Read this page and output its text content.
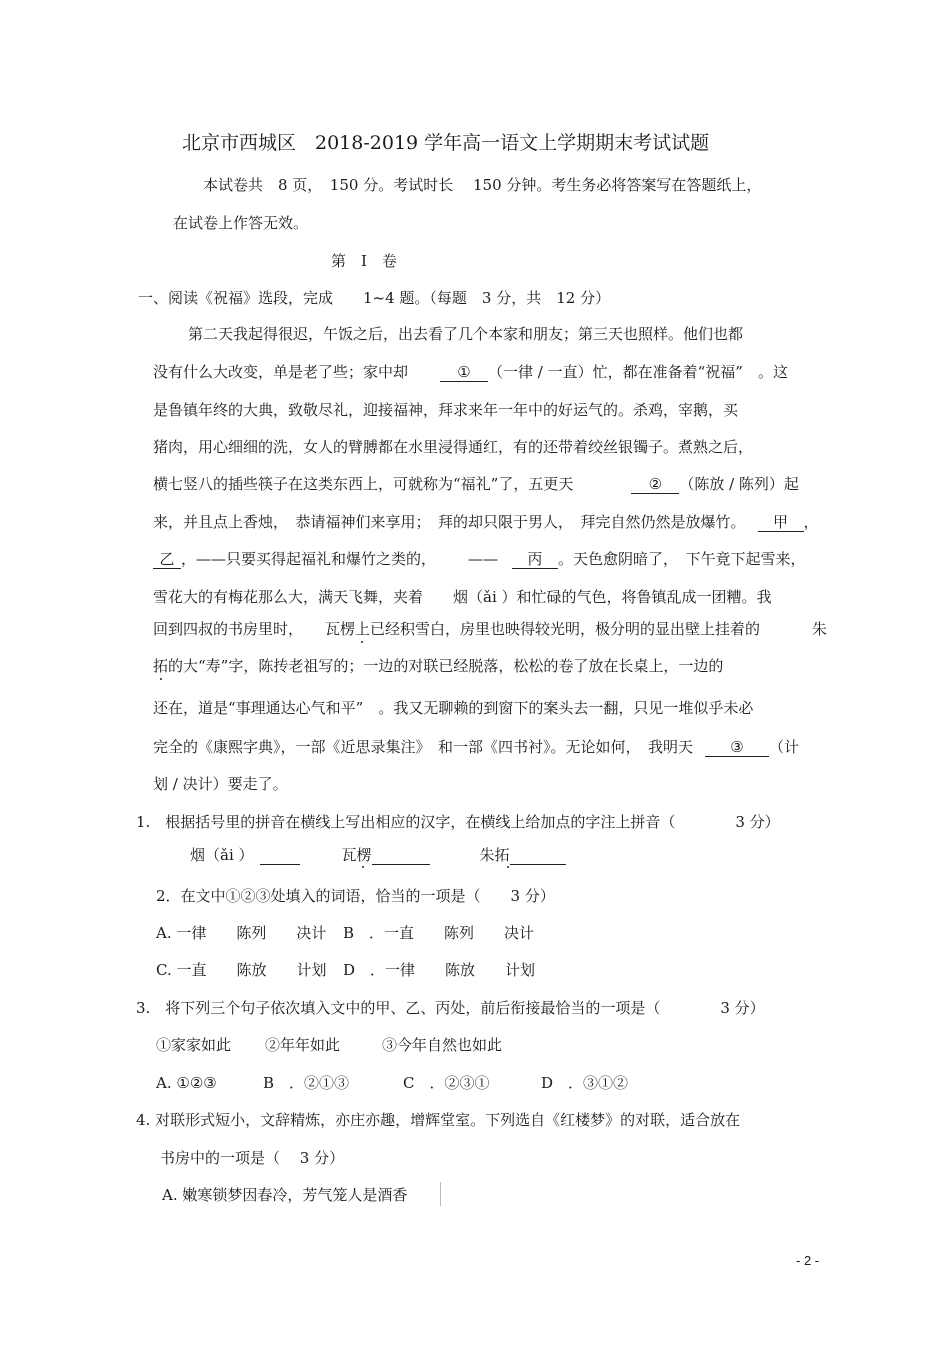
北京市西城区　2018-2019 学年高一语文上学期期末考试试题
本试卷共　8 页，　150 分。考试时长　 150 分钟。考生务必将答案写在答题纸上，
在试卷上作答无效。
第　Ⅰ　卷
一、阅读《祝福》选段，完成　　1~4 题。（每题　3 分，共　12 分）
第二天我起得很迟，午饭之后，出去看了几个本家和朋友；第三天也照样。他们也都
没有什么大改变，单是老了些；家中却	① （一律 / 一直）忙，都在准备着“祝福”　。这
是鲁镇年终的大典，致敬尽礼，迎接福神，拜求来年一年中的好运气的。杀鸡，宰鹅，买
猪肉，用心细细的洗，女人的臂膊都在水里浸得通红，有的还带着绞丝银镯子。煮熟之后，
横七竖八的插些筷子在这类东西上，可就称为“福礼”了，五更天	② （陈放 / 陈列）起
来，并且点上香烛，　恭请福神们来享用；　拜的却只限于男人，　拜完自然仍然是放爆竹。 甲 ，
乙 ，——只要买得起福礼和爆竹之类的， —— 丙 。天色愈阴暗了，　下午竟下起雪来，
雪花大的有梅花那么大，满天飞舞，夹着　　烟（ǎi ）和忙碌的气色，将鲁镇乱成一团糟。我
回到四叔的书房里时， 瓦楞上已经积雪白，房里也映得较光明，极分明的显出壁上挂着的	朱
拓的大“寿”字，陈抟老祖写的；一边的对联已经脱落，松松的卷了放在长桌上，一边的
还在，道是“事理通达心气和平”　。我又无聊赖的到窗下的案头去一翻，只见一堆似乎未必
完全的《康熙字典》，一部《近思录集注》　和一部《四书衬》。无论如何，　我明天 ③ （计
划 / 决计）要走了。
1.　根据括号里的拼音在横线上写出相应的汉字，在横线上给加点的字注上拼音（　　　　3 分）
烟（ǎi ）	瓦楞	朱拓
2．在文中①②③处填入的词语，恰当的一项是（　　3 分）
A. 一律　　陈列　　决计 B　．一直　　陈列　　决计
C. 一直　　陈放　　计划 D　．一律　　陈放　　计划
3.　将下列三个句子依次填入文中的甲、乙、丙处，前后衔接最恰当的一项是（　　　　3 分）
①家家如此 ②年年如此	③今年自然也如此
A. ①②③	B　．②①③	C　．②③①	D　．③①②
4. 对联形式短小，文辞精炼，亦庄亦趣，增辉堂室。下列选自《红楼梦》的对联，适合放在
书房中的一项是（　 3 分）
A. 嫩寒锁梦因春冷，芳气笼人是酒香
- 2 -
